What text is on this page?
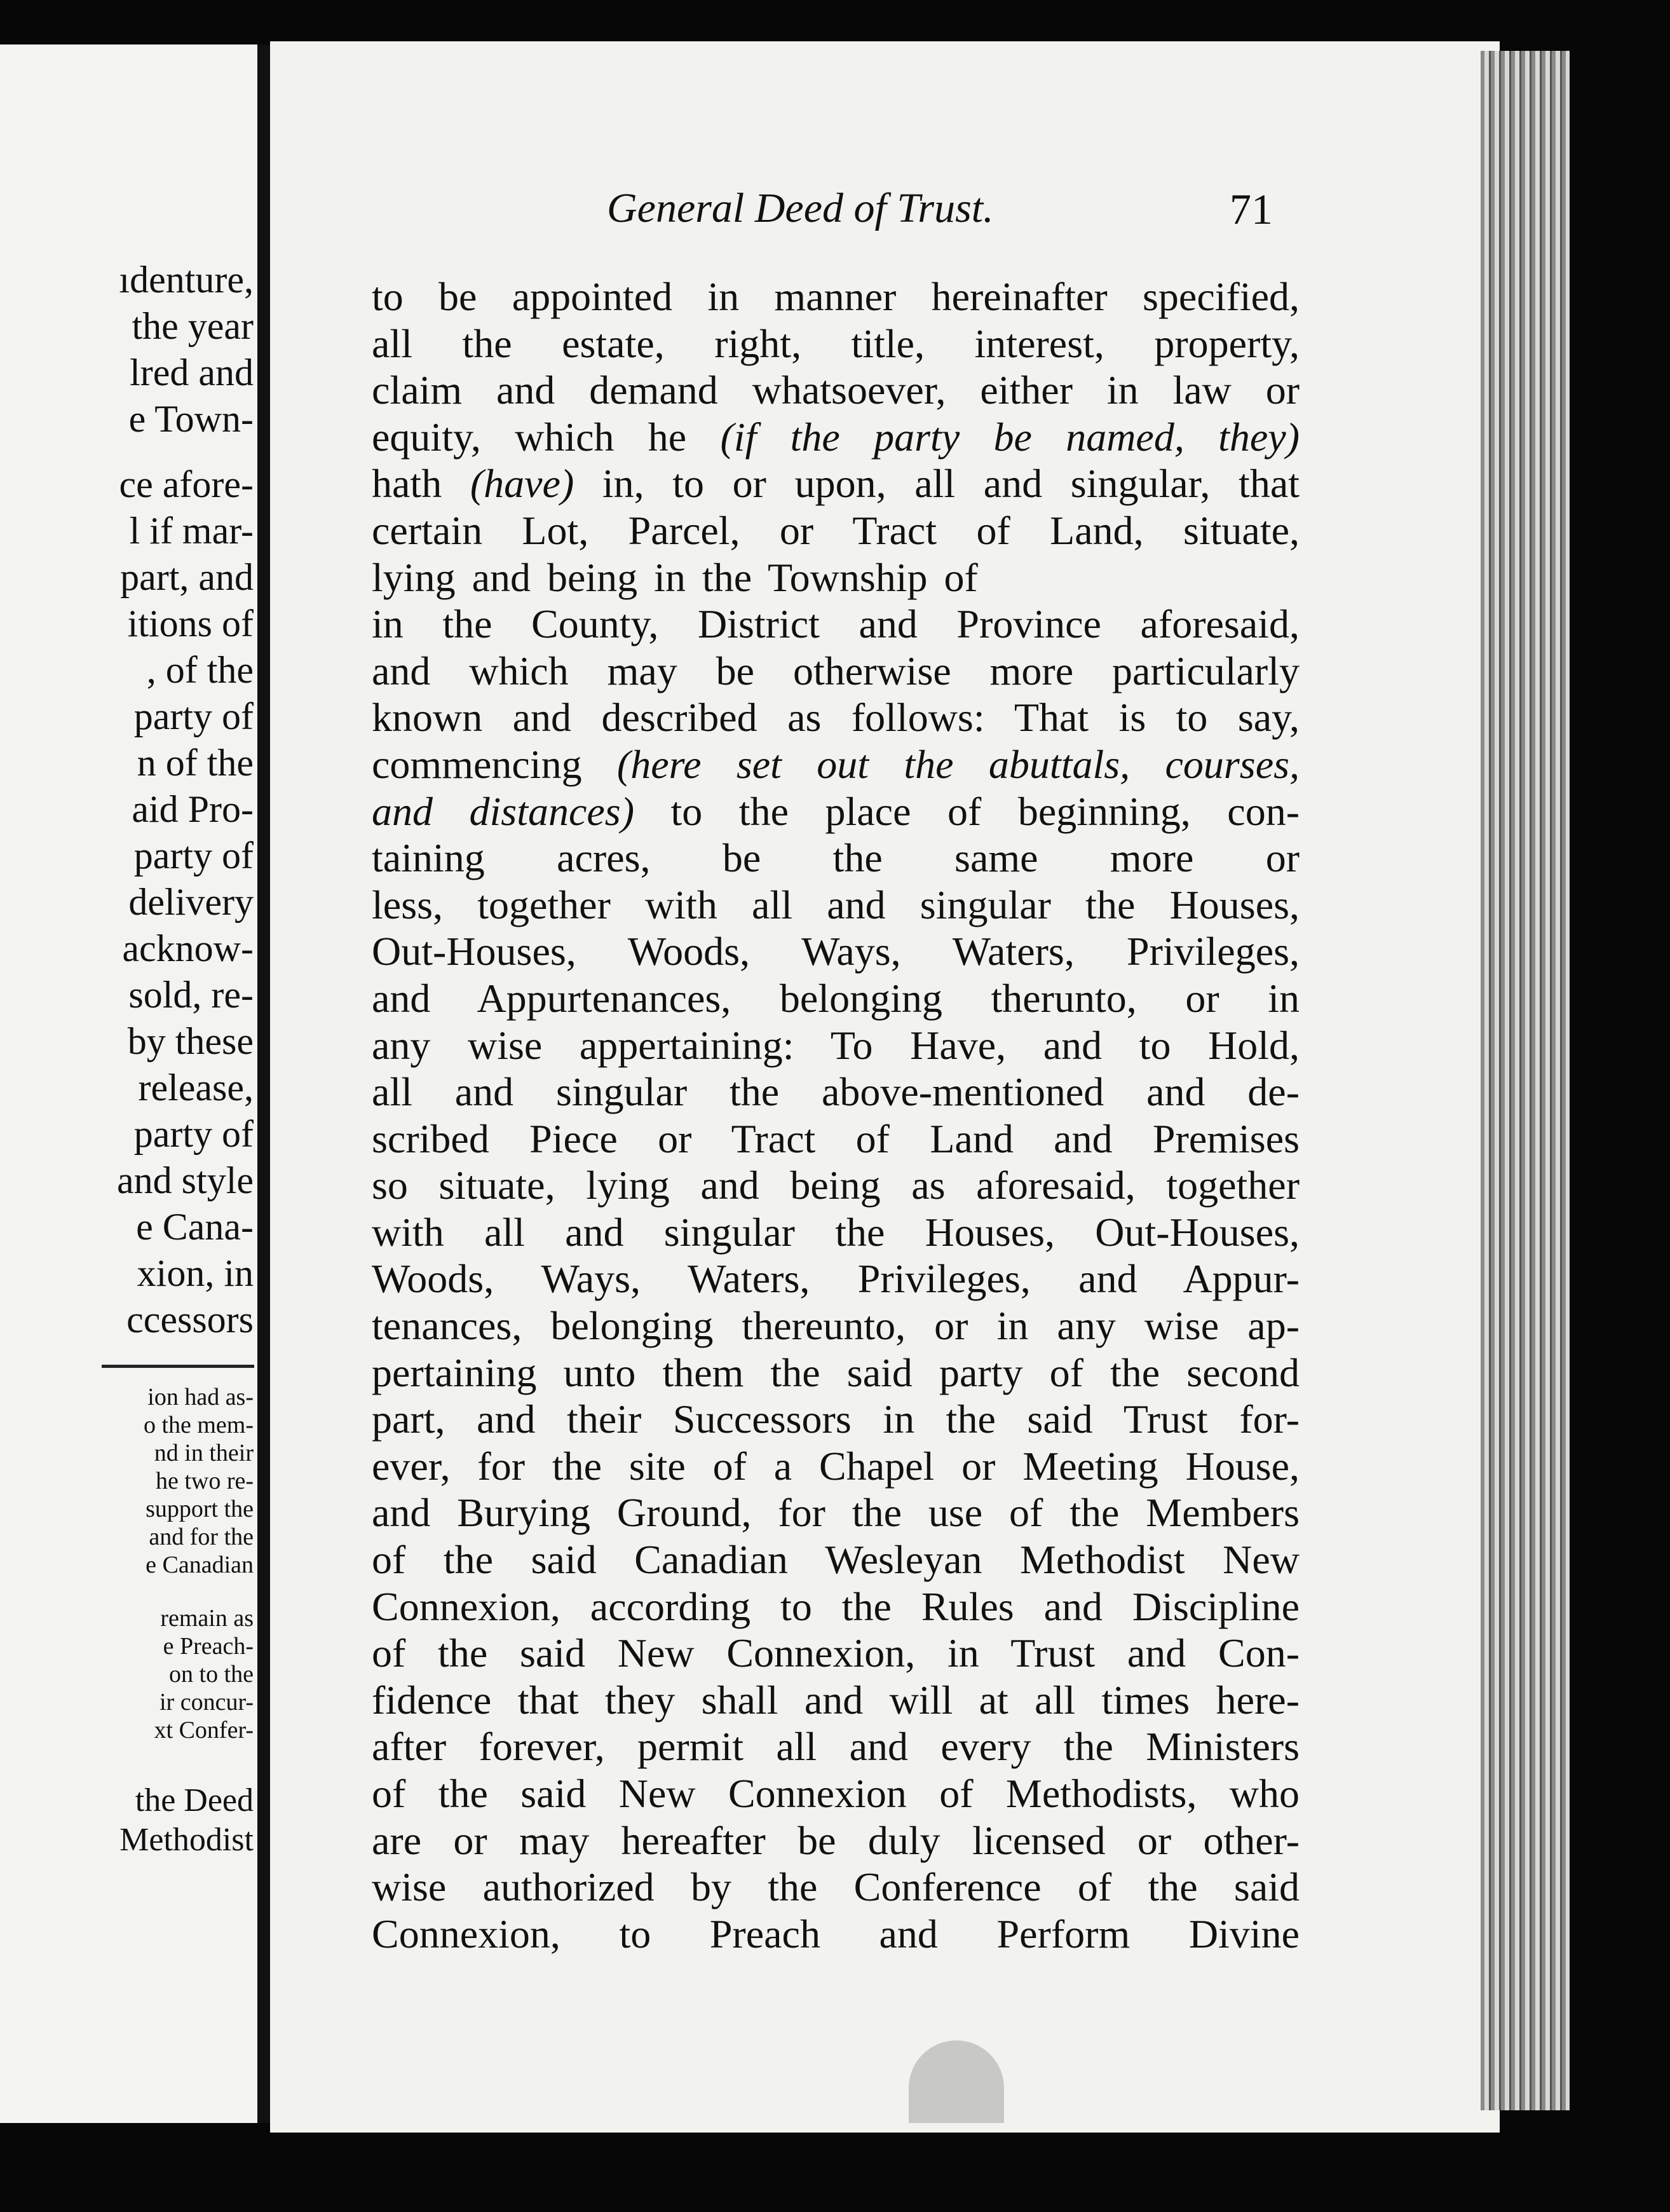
ıdenture,
the year
lred and
e Town-
ce afore-
l if mar-
part, and
itions of
, of the
party of
n of the
aid Pro-
party of
delivery
acknow-
sold, re-
by these
release,
party of
and style
e Cana-
xion, in
ccessors
ion had as-
o the mem-
nd in their
he two re-
support the
and for the
e Canadian
remain as
e Preach-
on to the
ir concur-
xt Confer-
the Deed
Methodist
General Deed of Trust.	71
to be appointed in manner hereinafter specified,
all the estate, right, title, interest, property,
claim and demand whatsoever, either in law or
equity, which he (if the party be named, they)
hath (have) in, to or upon, all and singular, that
certain Lot, Parcel, or Tract of Land, situate,
lying and being in the Township of
in the County, District and Province aforesaid,
and which may be otherwise more particularly
known and described as follows: That is to say,
commencing (here set out the abuttals, courses,
and distances) to the place of beginning, con-
taining acres, be the same more or
less, together with all and singular the Houses,
Out-Houses, Woods, Ways, Waters, Privileges,
and Appurtenances, belonging therunto, or in
any wise appertaining: To Have, and to Hold,
all and singular the above-mentioned and de-
scribed Piece or Tract of Land and Premises
so situate, lying and being as aforesaid, together
with all and singular the Houses, Out-Houses,
Woods, Ways, Waters, Privileges, and Appur-
tenances, belonging thereunto, or in any wise ap-
pertaining unto them the said party of the second
part, and their Successors in the said Trust for-
ever, for the site of a Chapel or Meeting House,
and Burying Ground, for the use of the Members
of the said Canadian Wesleyan Methodist New
Connexion, according to the Rules and Discipline
of the said New Connexion, in Trust and Con-
fidence that they shall and will at all times here-
after forever, permit all and every the Ministers
of the said New Connexion of Methodists, who
are or may hereafter be duly licensed or other-
wise authorized by the Conference of the said
Connexion, to Preach and Perform Divine
